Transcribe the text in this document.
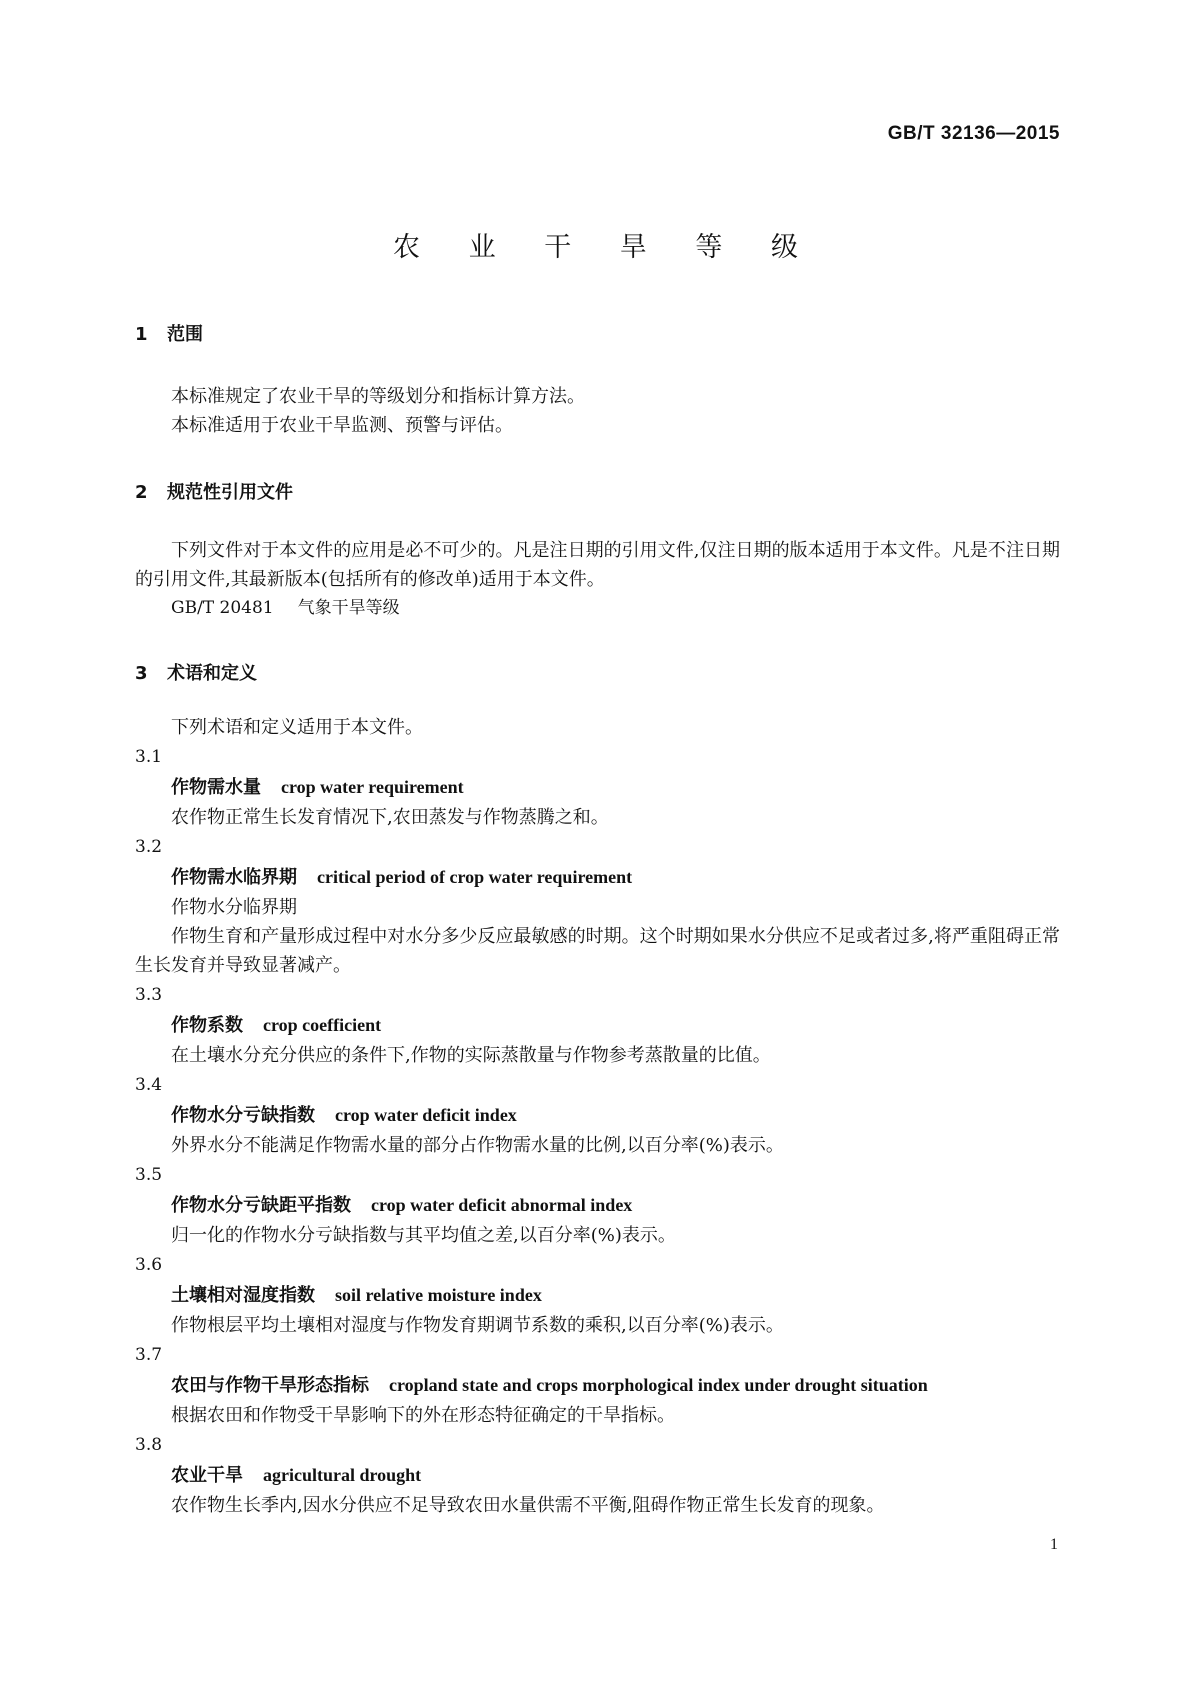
GB/T 32136—2015
农 业 干 旱 等 级
1 范围

本标准规定了农业干旱的等级划分和指标计算方法。

本标准适用于农业干旱监测、预警与评估。

2 规范性引用文件

下列文件对于本文件的应用是必不可少的。凡是注日期的引用文件,仅注日期的版本适用于本文件。凡是不注日期的引用文件,其最新版本(包括所有的修改单)适用于本文件。

GB/T 20481 气象干旱等级

3 术语和定义

下列术语和定义适用于本文件。

3.1

作物需水量 crop water requirement

农作物正常生长发育情况下,农田蒸发与作物蒸腾之和。

3.2

作物需水临界期 critical period of crop water requirement

作物水分临界期

作物生育和产量形成过程中对水分多少反应最敏感的时期。这个时期如果水分供应不足或者过多,将严重阻碍正常生长发育并导致显著减产。

3.3

作物系数 crop coefficient

在土壤水分充分供应的条件下,作物的实际蒸散量与作物参考蒸散量的比值。

3.4

作物水分亏缺指数 crop water deficit index

外界水分不能满足作物需水量的部分占作物需水量的比例,以百分率(%)表示。

3.5

作物水分亏缺距平指数 crop water deficit abnormal index

归一化的作物水分亏缺指数与其平均值之差,以百分率(%)表示。

3.6

土壤相对湿度指数 soil relative moisture index

作物根层平均土壤相对湿度与作物发育期调节系数的乘积,以百分率(%)表示。

3.7

农田与作物干旱形态指标 cropland state and crops morphological index under drought situation

根据农田和作物受干旱影响下的外在形态特征确定的干旱指标。

3.8

农业干旱 agricultural drought

农作物生长季内,因水分供应不足导致农田水量供需不平衡,阻碍作物正常生长发育的现象。

1
